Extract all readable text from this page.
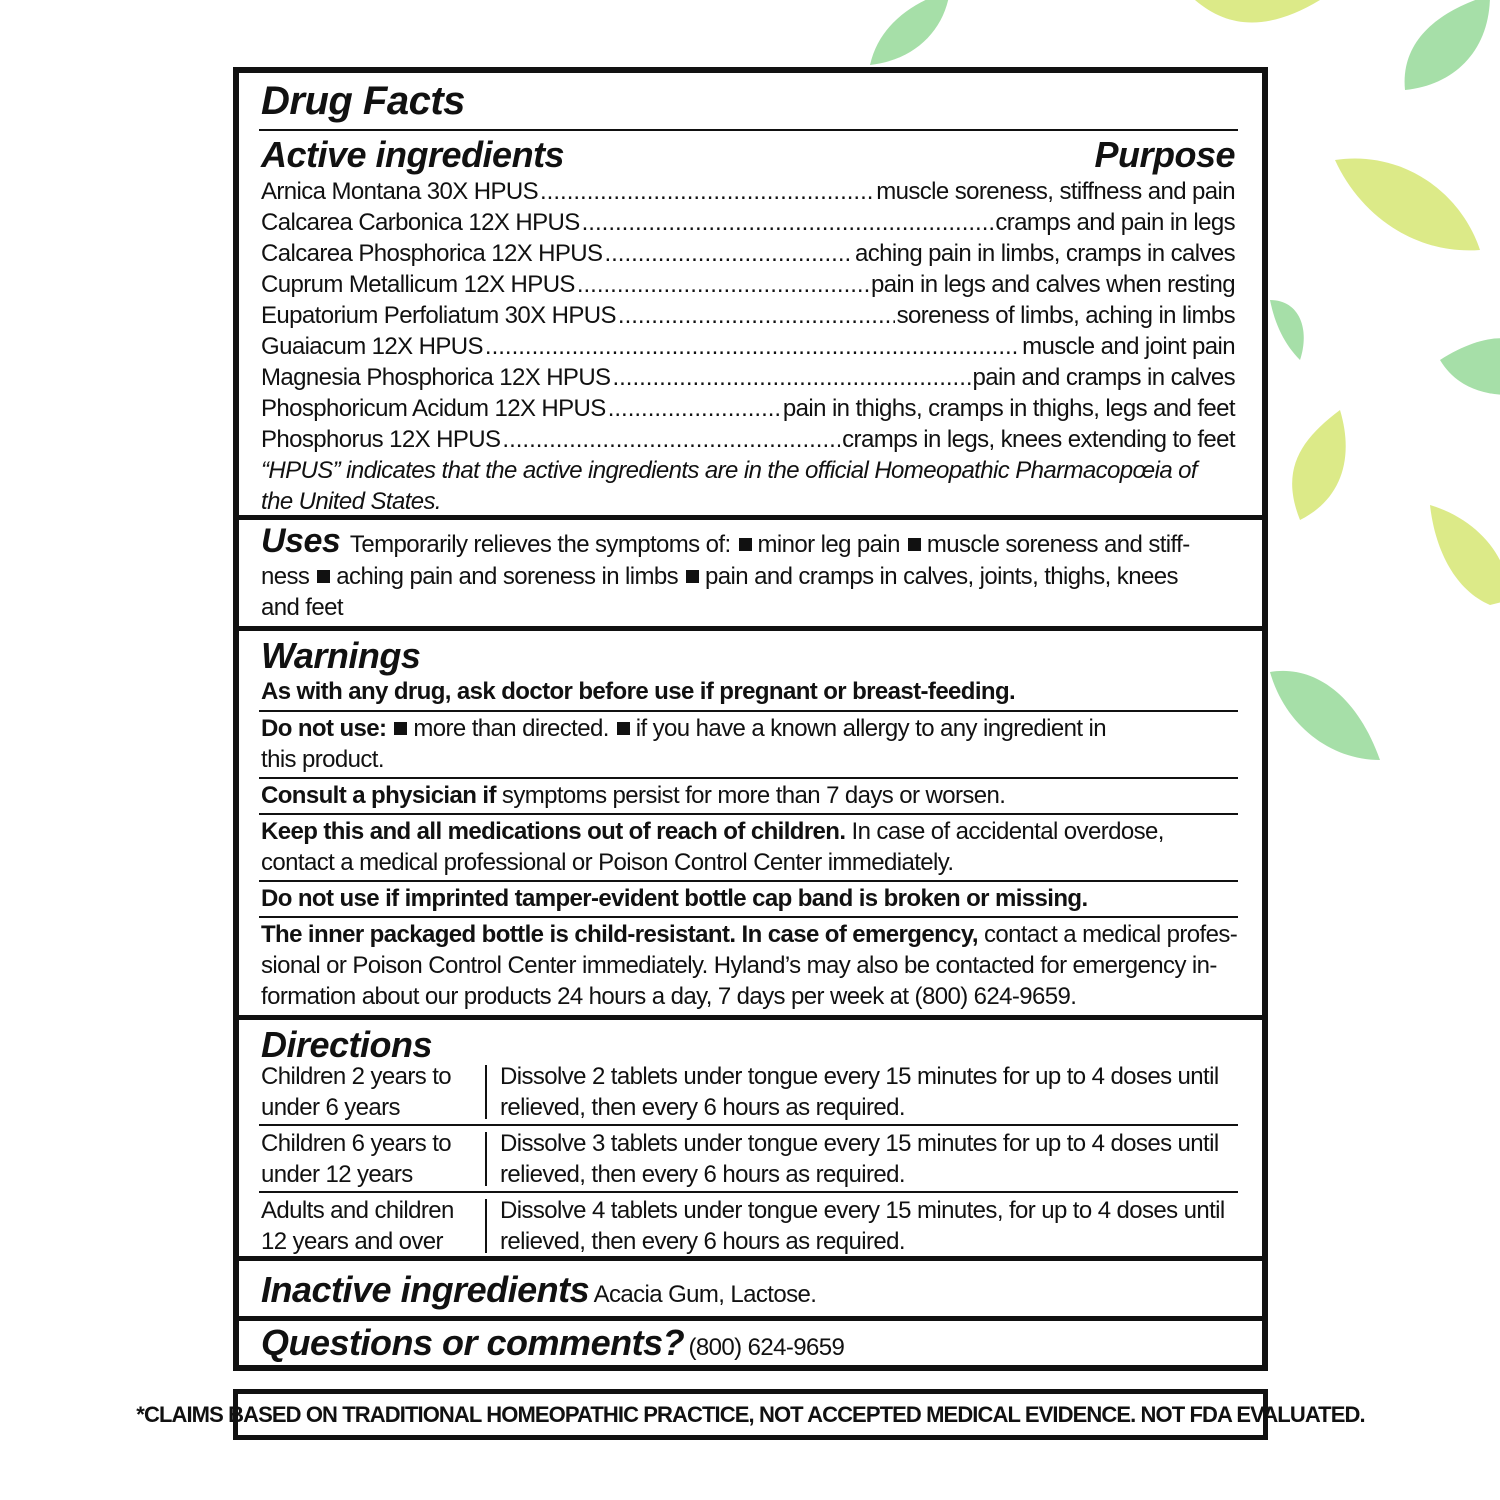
Drug Facts
Active ingredients	Purpose
Arnica Montana 30X HPUS .....	muscle soreness, stiffness and pain
Calcarea Carbonica 12X HPUS .....	cramps and pain in legs
Calcarea Phosphorica 12X HPUS .....	aching pain in limbs, cramps in calves
Cuprum Metallicum 12X HPUS .....	pain in legs and calves when resting
Eupatorium Perfoliatum 30X HPUS .....	soreness of limbs, aching in limbs
Guaiacum 12X HPUS .....	muscle and joint pain
Magnesia Phosphorica 12X HPUS .....	pain and cramps in calves
Phosphoricum Acidum 12X HPUS .....	pain in thighs, cramps in thighs, legs and feet
Phosphorus 12X HPUS .....	cramps in legs, knees extending to feet
“HPUS” indicates that the active ingredients are in the official Homeopathic Pharmacopœia of the United States.
Uses Temporarily relieves the symptoms of: minor leg pain muscle soreness and stiff-ness aching pain and soreness in limbs pain and cramps in calves, joints, thighs, knees and feet
Warnings
As with any drug, ask doctor before use if pregnant or breast-feeding.
Do not use: more than directed. if you have a known allergy to any ingredient in this product.
Consult a physician if symptoms persist for more than 7 days or worsen.
Keep this and all medications out of reach of children. In case of accidental overdose, contact a medical professional or Poison Control Center immediately.
Do not use if imprinted tamper-evident bottle cap band is broken or missing.
The inner packaged bottle is child-resistant. In case of emergency, contact a medical profes-sional or Poison Control Center immediately. Hyland’s may also be contacted for emergency in-formation about our products 24 hours a day, 7 days per week at (800) 624-9659.
Directions
Children 2 years to under 6 years
Dissolve 2 tablets under tongue every 15 minutes for up to 4 doses until relieved, then every 6 hours as required.
Children 6 years to under 12 years
Dissolve 3 tablets under tongue every 15 minutes for up to 4 doses until relieved, then every 6 hours as required.
Adults and children 12 years and over
Dissolve 4 tablets under tongue every 15 minutes, for up to 4 doses until relieved, then every 6 hours as required.
Inactive ingredients Acacia Gum, Lactose.
Questions or comments? (800) 624-9659
*CLAIMS BASED ON TRADITIONAL HOMEOPATHIC PRACTICE, NOT ACCEPTED MEDICAL EVIDENCE. NOT FDA EVALUATED.
